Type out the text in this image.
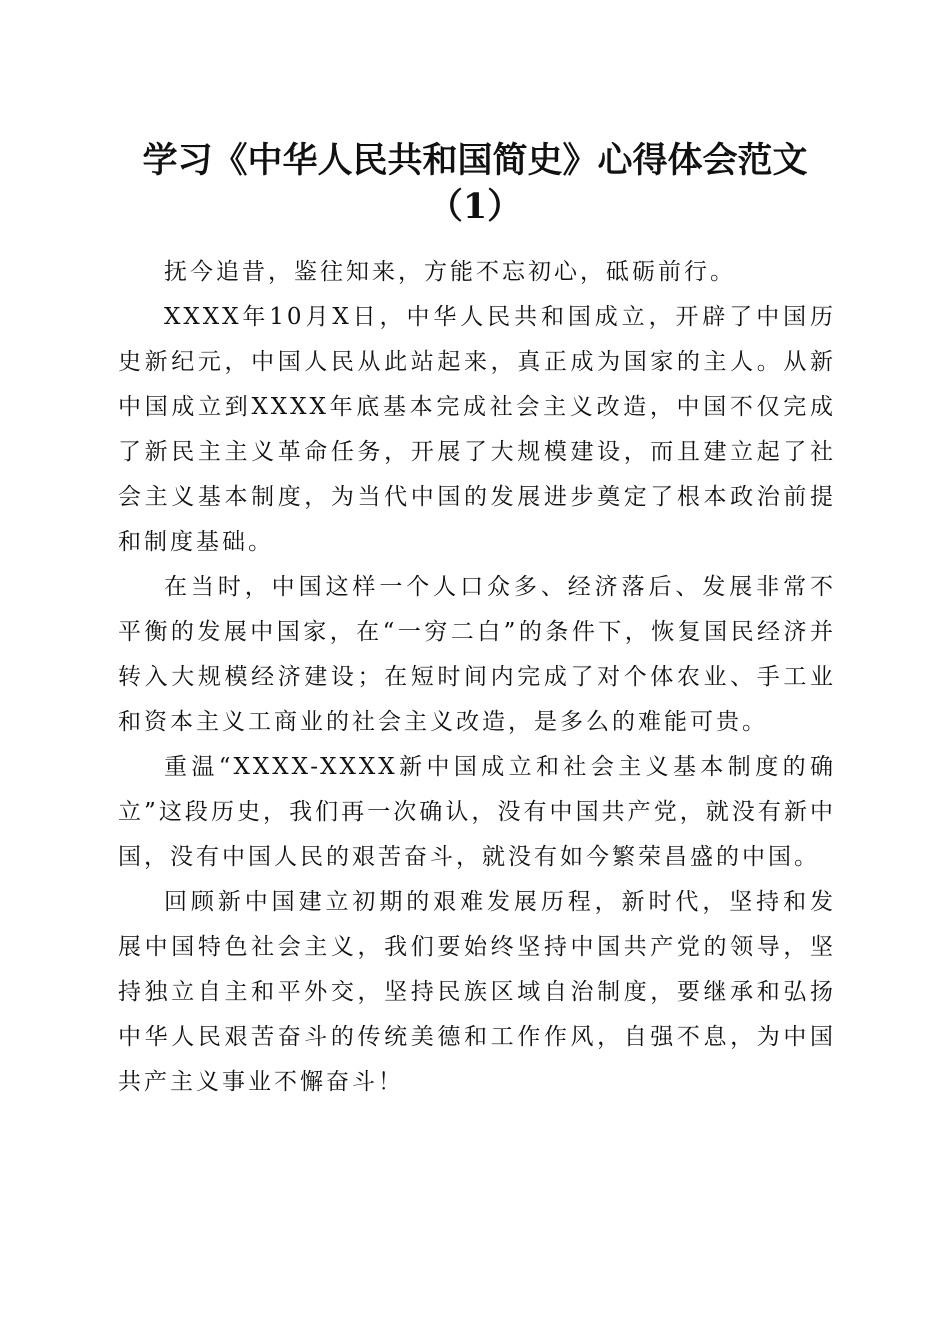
学习《中华人民共和国简史》心得体会范文
（1）

抚今追昔，鉴往知来，方能不忘初心，砥砺前行。

XXXX年10月X日，中华人民共和国成立，开辟了中国历史新纪元，中国人民从此站起来，真正成为国家的主人。从新中国成立到XXXX年底基本完成社会主义改造，中国不仅完成了新民主主义革命任务，开展了大规模建设，而且建立起了社会主义基本制度，为当代中国的发展进步奠定了根本政治前提和制度基础。

在当时，中国这样一个人口众多、经济落后、发展非常不平衡的发展中国家，在“一穷二白”的条件下，恢复国民经济并转入大规模经济建设；在短时间内完成了对个体农业、手工业和资本主义工商业的社会主义改造，是多么的难能可贵。

重温“XXXX-XXXX新中国成立和社会主义基本制度的确立”这段历史，我们再一次确认，没有中国共产党，就没有新中国，没有中国人民的艰苦奋斗，就没有如今繁荣昌盛的中国。

回顾新中国建立初期的艰难发展历程，新时代，坚持和发展中国特色社会主义，我们要始终坚持中国共产党的领导，坚持独立自主和平外交，坚持民族区域自治制度，要继承和弘扬中华人民艰苦奋斗的传统美德和工作作风，自强不息，为中国共产主义事业不懈奋斗！
